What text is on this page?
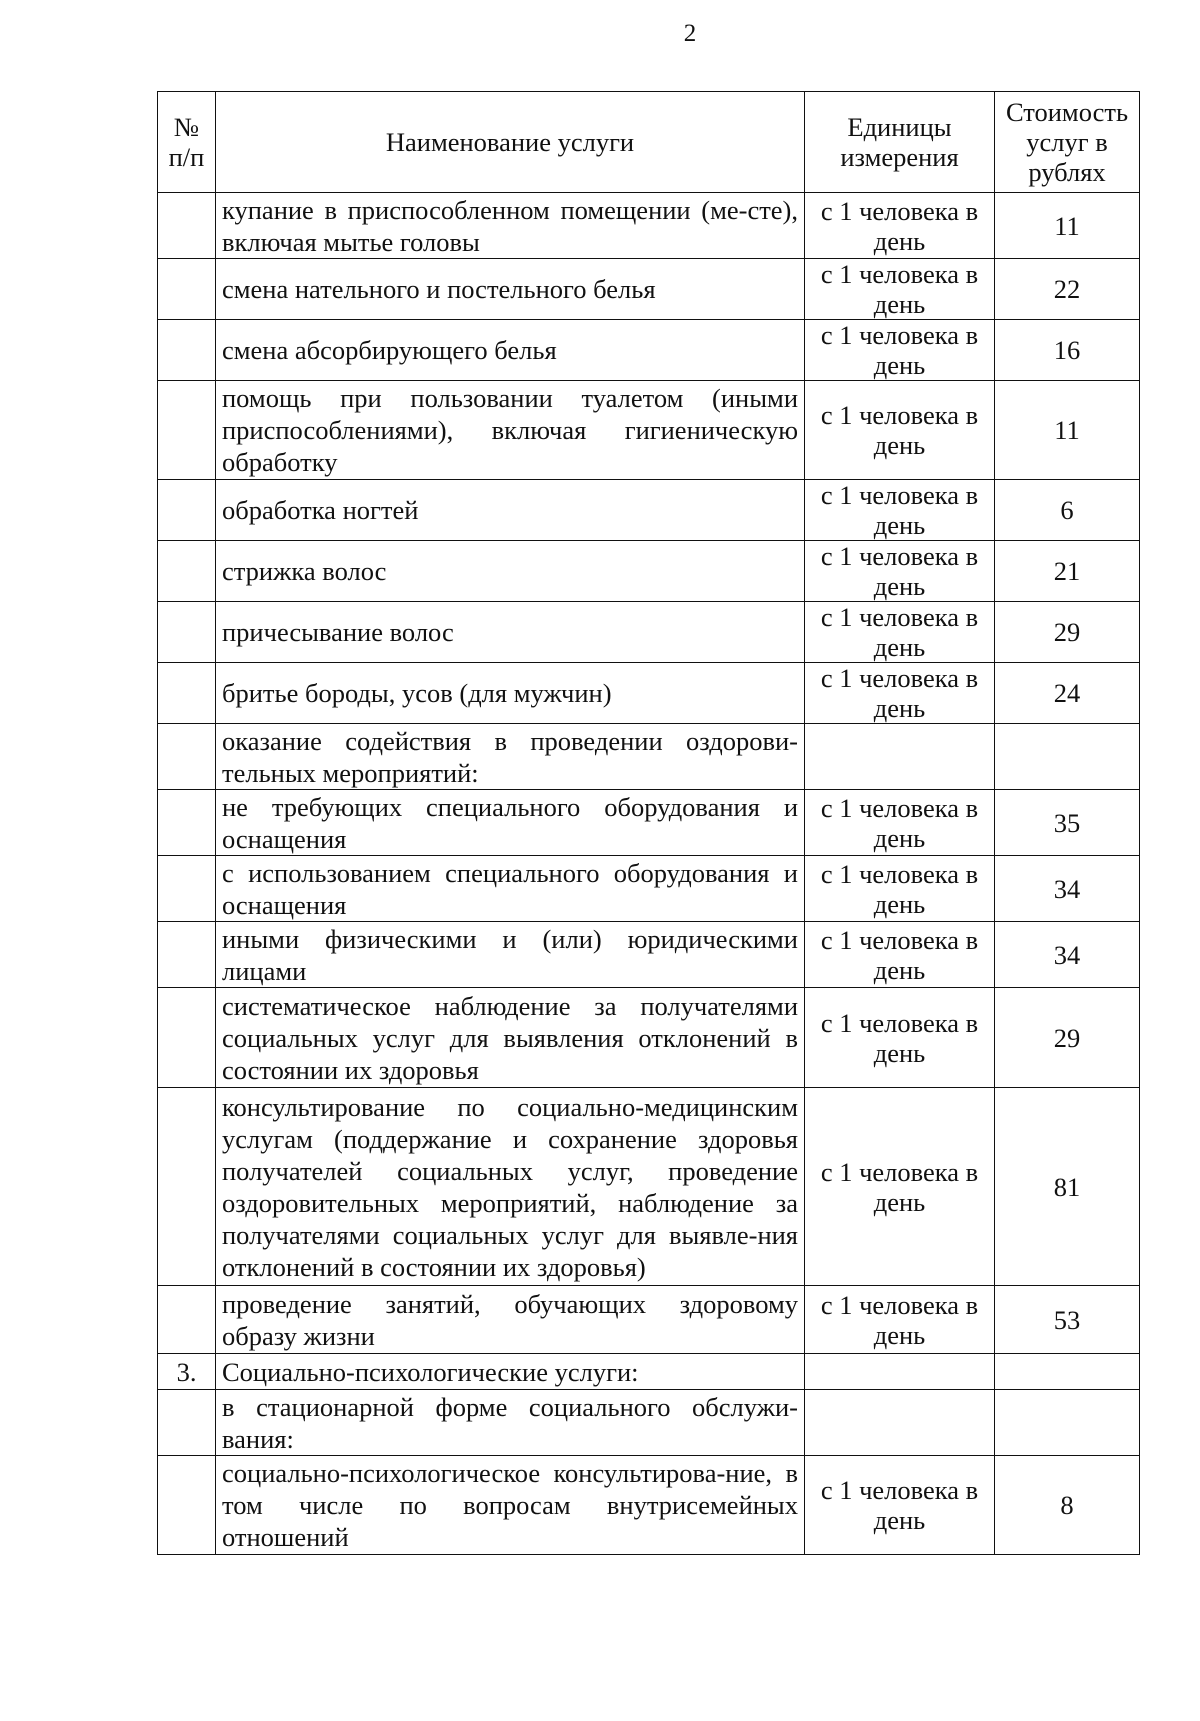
2
№ п/п	Наименование услуги	Единицы измерения	Стоимость услуг в рублях
	купание в приспособленном помещении (ме-сте), включая мытье головы	с 1 человека в день	11
	смена нательного и постельного белья	с 1 человека в день	22
	смена абсорбирующего белья	с 1 человека в день	16
	помощь при пользовании туалетом (иными приспособлениями), включая гигиеническую обработку	с 1 человека в день	11
	обработка ногтей	с 1 человека в день	6
	стрижка волос	с 1 человека в день	21
	причесывание волос	с 1 человека в день	29
	бритье бороды, усов (для мужчин)	с 1 человека в день	24
	оказание содействия в проведении оздорови-тельных мероприятий:		
	не требующих специального оборудования и оснащения	с 1 человека в день	35
	с использованием специального оборудования и оснащения	с 1 человека в день	34
	иными физическими и (или) юридическими лицами	с 1 человека в день	34
	систематическое наблюдение за получателями социальных услуг для выявления отклонений в состоянии их здоровья	с 1 человека в день	29
	консультирование по социально-медицинским услугам (поддержание и сохранение здоровья получателей социальных услуг, проведение оздоровительных мероприятий, наблюдение за получателями социальных услуг для выявле-ния отклонений в состоянии их здоровья)	с 1 человека в день	81
	проведение занятий, обучающих здоровому образу жизни	с 1 человека в день	53
3.	Социально-психологические услуги:		
	в стационарной форме социального обслужи-вания:		
	социально-психологическое консультирова-ние, в том числе по вопросам внутрисемейных отношений	с 1 человека в день	8
